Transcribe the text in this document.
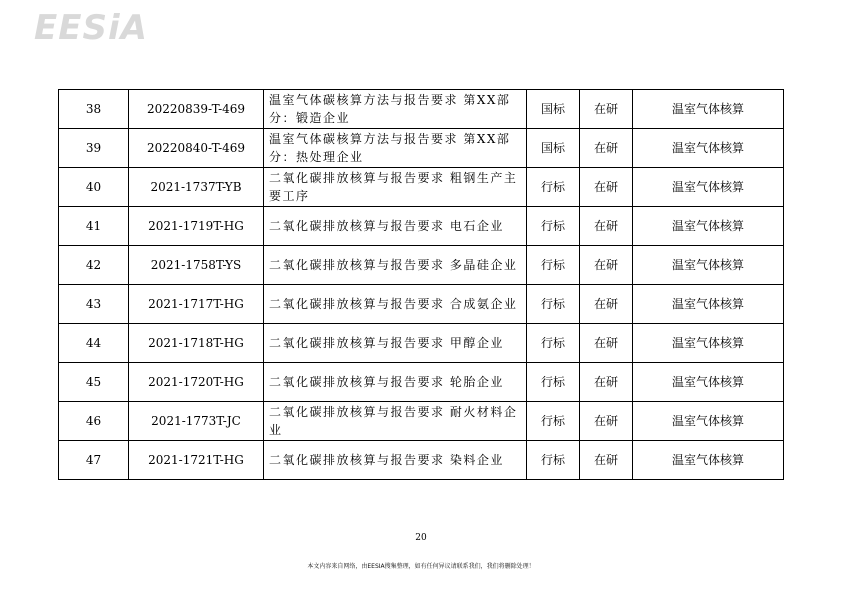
EESiA
38	20220839-T-469	温室气体碳核算方法与报告要求 第XX部分：锻造企业	国标	在研	温室气体核算
39	20220840-T-469	温室气体碳核算方法与报告要求 第XX部分：热处理企业	国标	在研	温室气体核算
40	2021-1737T-YB	二氧化碳排放核算与报告要求 粗钢生产主要工序	行标	在研	温室气体核算
41	2021-1719T-HG	二氧化碳排放核算与报告要求 电石企业	行标	在研	温室气体核算
42	2021-1758T-YS	二氧化碳排放核算与报告要求 多晶硅企业	行标	在研	温室气体核算
43	2021-1717T-HG	二氧化碳排放核算与报告要求 合成氨企业	行标	在研	温室气体核算
44	2021-1718T-HG	二氧化碳排放核算与报告要求 甲醇企业	行标	在研	温室气体核算
45	2021-1720T-HG	二氧化碳排放核算与报告要求 轮胎企业	行标	在研	温室气体核算
46	2021-1773T-JC	二氧化碳排放核算与报告要求 耐火材料企业	行标	在研	温室气体核算
47	2021-1721T-HG	二氧化碳排放核算与报告要求 染料企业	行标	在研	温室气体核算
20
本文内容来自网络，由EESIA搜集整理，如有任何异议请联系我们，我们将删除处理！
